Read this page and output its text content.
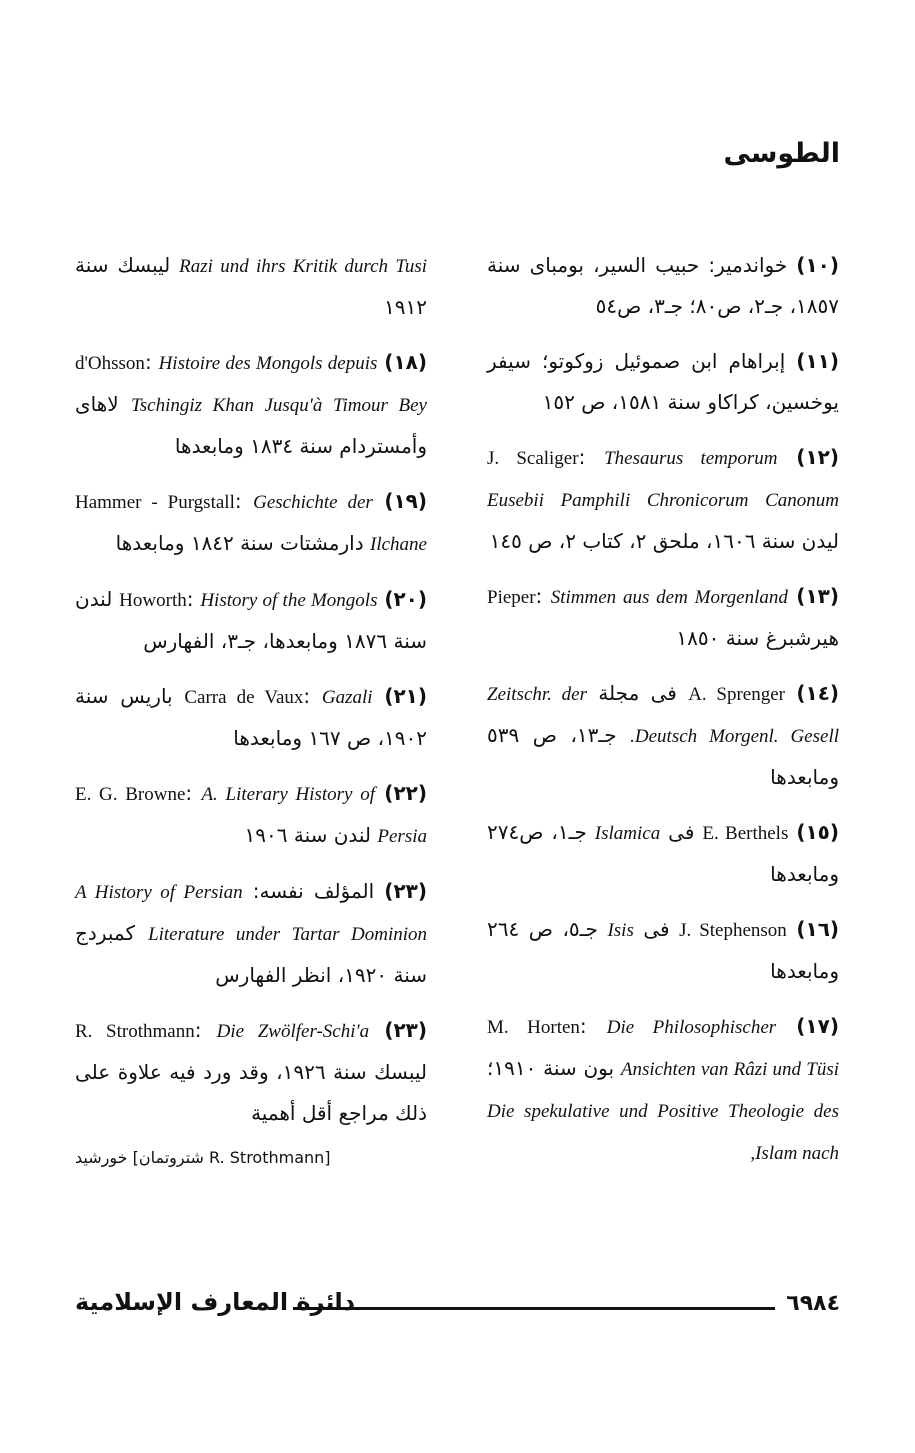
الطوسى
(١٠) خواندمير: حبيب السير، بومباى سنة ١٨٥٧، جـ٢، ص٨٠؛ جـ٣، ص٥٤
(١١) إبراهام ابن صموئيل زوكوتو؛ سيفر يوخسين، كراكاو سنة ١٥٨١، ص ١٥٢
(١٢) J. Scaliger: Thesaurus temporum Eusebii Pamphili Chronicorum Canonum ليدن سنة ١٦٠٦، ملحق ٢، كتاب ٢، ص ١٤٥
(١٣) Pieper: Stimmen aus dem Morgenland هيرشبرغ سنة ١٨٥٠
(١٤) A. Sprenger فى مجلة Zeitschr. der Deutsch Morgenl. Gesell. جـ١٣، ص ٥٣٩ ومابعدها
(١٥) E. Berthels فى Islamica جـ١، ص٢٧٤ ومابعدها
(١٦) J. Stephenson فى Isis جـ٥، ص ٢٦٤ ومابعدها
(١٧) M. Horten: Die Philosophischer Ansichten van Râzi und Tüsi بون سنة ١٩١٠؛ Die spekulative und Positive Theologie des Islam nach,
Razi und ihrs Kritik durch Tusi ليبسك سنة ١٩١٢
(١٨) d'Ohsson: Histoire des Mongols depuis Tschingiz Khan Jusqu'à Timour Bey لاهاى وأمستردام سنة ١٨٣٤ ومابعدها
(١٩) Hammer - Purgstall: Geschichte der Ilchane دارمشتات سنة ١٨٤٢ ومابعدها
(٢٠) Howorth: History of the Mongols لندن سنة ١٨٧٦ ومابعدها، جـ٣، الفهارس
(٢١) Carra de Vaux: Gazali باريس سنة ١٩٠٢، ص ١٦٧ ومابعدها
(٢٢) E. G. Browne: A. Literary History of Persia لندن سنة ١٩٠٦
(٢٣) المؤلف نفسه: A History of Persian Literature under Tartar Dominion كمبردج سنة ١٩٢٠، انظر الفهارس
(٢٣) R. Strothmann: Die Zwölfer-Schi'a ليبسك سنة ١٩٢٦، وقد ورد فيه علاوة على ذلك مراجع أقل أهمية
خورشيد [شتروتمان R. Strothmann]
دائرة المعارف الإسلامية	٦٩٨٤
